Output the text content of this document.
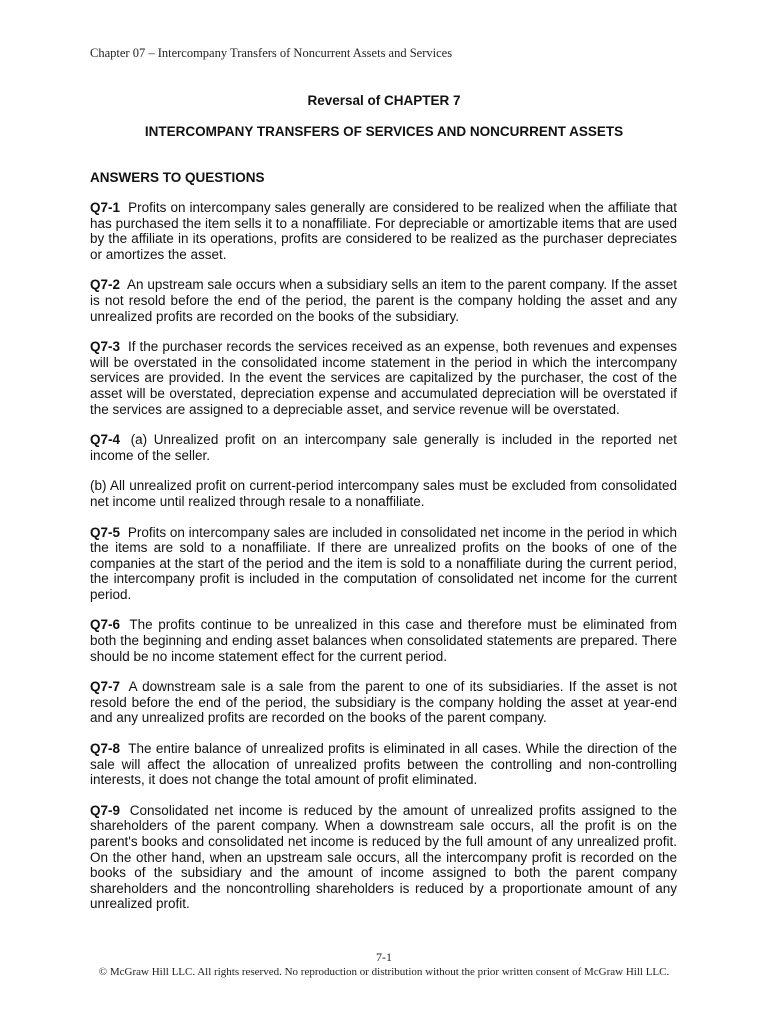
Chapter 07 – Intercompany Transfers of Noncurrent Assets and Services
Reversal of CHAPTER 7
INTERCOMPANY TRANSFERS OF SERVICES AND NONCURRENT ASSETS
ANSWERS TO QUESTIONS

Q7-1 Profits on intercompany sales generally are considered to be realized when the affiliate that has purchased the item sells it to a nonaffiliate. For depreciable or amortizable items that are used by the affiliate in its operations, profits are considered to be realized as the purchaser depreciates or amortizes the asset.

Q7-2 An upstream sale occurs when a subsidiary sells an item to the parent company. If the asset is not resold before the end of the period, the parent is the company holding the asset and any unrealized profits are recorded on the books of the subsidiary.

Q7-3 If the purchaser records the services received as an expense, both revenues and expenses will be overstated in the consolidated income statement in the period in which the intercompany services are provided. In the event the services are capitalized by the purchaser, the cost of the asset will be overstated, depreciation expense and accumulated depreciation will be overstated if the services are assigned to a depreciable asset, and service revenue will be overstated.

Q7-4 (a) Unrealized profit on an intercompany sale generally is included in the reported net income of the seller.

(b) All unrealized profit on current-period intercompany sales must be excluded from consolidated net income until realized through resale to a nonaffiliate.

Q7-5 Profits on intercompany sales are included in consolidated net income in the period in which the items are sold to a nonaffiliate. If there are unrealized profits on the books of one of the companies at the start of the period and the item is sold to a nonaffiliate during the current period, the intercompany profit is included in the computation of consolidated net income for the current period.

Q7-6 The profits continue to be unrealized in this case and therefore must be eliminated from both the beginning and ending asset balances when consolidated statements are prepared. There should be no income statement effect for the current period.

Q7-7 A downstream sale is a sale from the parent to one of its subsidiaries. If the asset is not resold before the end of the period, the subsidiary is the company holding the asset at year-end and any unrealized profits are recorded on the books of the parent company.

Q7-8 The entire balance of unrealized profits is eliminated in all cases. While the direction of the sale will affect the allocation of unrealized profits between the controlling and non-controlling interests, it does not change the total amount of profit eliminated.

Q7-9 Consolidated net income is reduced by the amount of unrealized profits assigned to the shareholders of the parent company. When a downstream sale occurs, all the profit is on the parent's books and consolidated net income is reduced by the full amount of any unrealized profit. On the other hand, when an upstream sale occurs, all the intercompany profit is recorded on the books of the subsidiary and the amount of income assigned to both the parent company shareholders and the noncontrolling shareholders is reduced by a proportionate amount of any unrealized profit.

7-1
© McGraw Hill LLC. All rights reserved. No reproduction or distribution without the prior written consent of McGraw Hill LLC.
